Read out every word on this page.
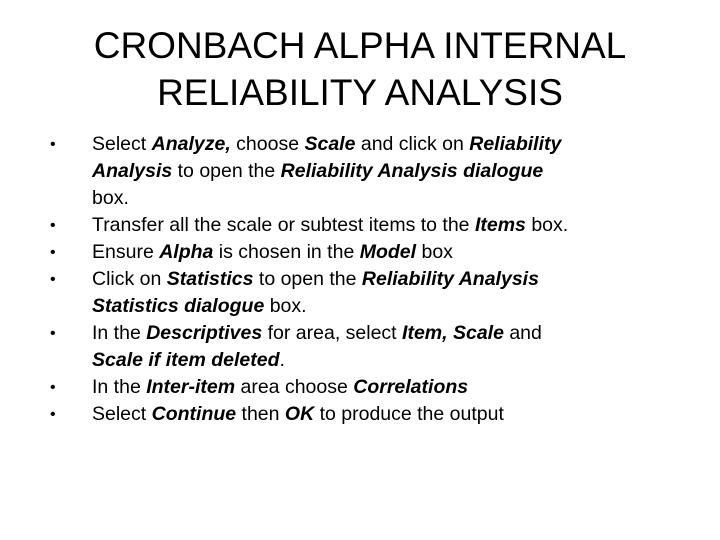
CRONBACH ALPHA INTERNAL
RELIABILITY ANALYSIS
• Select Analyze, choose Scale and click on Reliability
Analysis to open the Reliability Analysis dialogue
box.
• Transfer all the scale or subtest items to the Items box.
• Ensure Alpha is chosen in the Model box
• Click on Statistics to open the Reliability Analysis
Statistics dialogue box.
• In the Descriptives for area, select Item, Scale and
Scale if item deleted.
• In the Inter-item area choose Correlations
• Select Continue then OK to produce the output
